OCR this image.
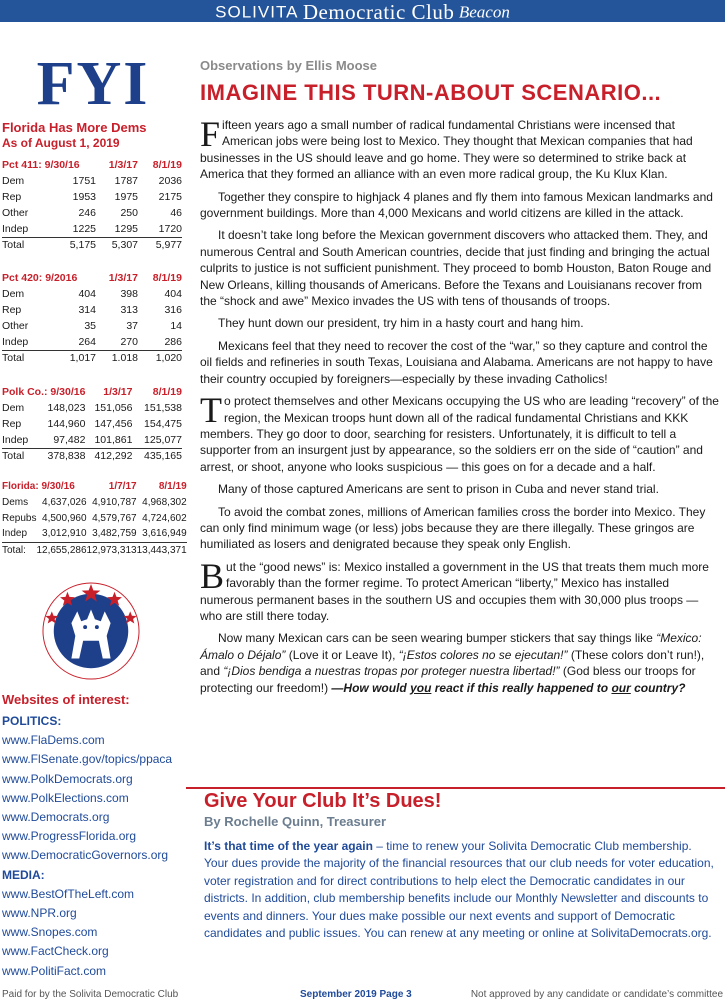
SOLIVITA Democratic Club Beacon
FYI
Florida Has More Dems
As of August 1, 2019
Pct 411: 9/30/16		1/3/17	8/1/19
Dem	1751	1787	2036
Rep	1953	1975	2175
Other	246	250	46
Indep	1225	1295	1720
Total	5,175	5,307	5,977
Pct 420: 9/2016		1/3/17	8/1/19
Dem	404	398	404
Rep	314	313	316
Other	35	37	14
Indep	264	270	286
Total	1,017	1.018	1,020
Polk Co.: 9/30/16		1/3/17	8/1/19
Dem	148,023	151,056	151,538
Rep	144,960	147,456	154,475
Indep	97,482	101,861	125,077
Total	378,838	412,292	435,165
Florida: 9/30/16		1/7/17	8/1/19
Dems	4,637,026	4,910,787	4,968,302
Repubs	4,500,960	4,579,767	4,724,602
Indep	3,012,910	3,482,759	3,616,949
Total:	12,655,286	12,973,313	13,443,371
Websites of interest:
POLITICS:
www.FlaDems.com
www.FlSenate.gov/topics/ppaca
www.PolkDemocrats.org
www.PolkElections.com
www.Democrats.org
www.ProgressFlorida.org
www.DemocraticGovernors.org
MEDIA:
www.BestOfTheLeft.com
www.NPR.org
www.Snopes.com
www.FactCheck.org
www.PolitiFact.com
Observations by Ellis Moose
IMAGINE THIS TURN-ABOUT SCENARIO...

Fifteen years ago a small number of radical fundamental Christians were incensed that American jobs were being lost to Mexico. They thought that Mexican companies that had businesses in the US should leave and go home. They were so determined to strike back at America that they formed an alliance with an even more radical group, the Ku Klux Klan.

Together they conspire to highjack 4 planes and fly them into famous Mexican landmarks and government buildings. More than 4,000 Mexicans and world citizens are killed in the attack.

It doesn’t take long before the Mexican government discovers who attacked them. They, and numerous Central and South American countries, decide that just finding and bringing the actual culprits to justice is not sufficient punishment. They proceed to bomb Houston, Baton Rouge and New Orleans, killing thousands of Americans. Before the Texans and Louisianans recover from the “shock and awe” Mexico invades the US with tens of thousands of troops.

They hunt down our president, try him in a hasty court and hang him.

Mexicans feel that they need to recover the cost of the “war,” so they capture and control the oil fields and refineries in south Texas, Louisiana and Alabama. Americans are not happy to have their country occupied by foreigners—especially by these invading Catholics!

To protect themselves and other Mexicans occupying the US who are leading “recovery” of the region, the Mexican troops hunt down all of the radical fundamental Christians and KKK members. They go door to door, searching for resisters. Unfortunately, it is difficult to tell a supporter from an insurgent just by appearance, so the soldiers err on the side of “caution” and arrest, or shoot, anyone who looks suspicious — this goes on for a decade and a half.

Many of those captured Americans are sent to prison in Cuba and never stand trial.

To avoid the combat zones, millions of American families cross the border into Mexico. They can only find minimum wage (or less) jobs because they are there illegally. These gringos are humiliated as losers and denigrated because they speak only English.

But the “good news” is: Mexico installed a government in the US that treats them much more favorably than the former regime. To protect American “liberty,” Mexico has installed numerous permanent bases in the southern US and occupies them with 30,000 plus troops — who are still there today.

Now many Mexican cars can be seen wearing bumper stickers that say things like “Mexico: Ámalo o Déjalo” (Love it or Leave It), “¡Estos colores no se ejecutan!” (These colors don’t run!), and “¡Dios bendiga a nuestras tropas por proteger nuestra libertad!” (God bless our troops for protecting our freedom!) —How would you react if this really happened to our country?

Give Your Club It’s Dues!
By Rochelle Quinn, Treasurer
It’s that time of the year again – time to renew your Solivita Democratic Club membership. Your dues provide the majority of the financial resources that our club needs for voter education, voter registration and for direct contributions to help elect the Democratic candidates in our districts. In addition, club membership benefits include our Monthly Newsletter and discounts to events and dinners. Your dues make possible our next events and support of Democratic candidates and public issues. You can renew at any meeting or online at SolivitaDemocrats.org.
Paid for by the Solivita Democratic Club	September 2019 Page 3	Not approved by any candidate or candidate’s committee
